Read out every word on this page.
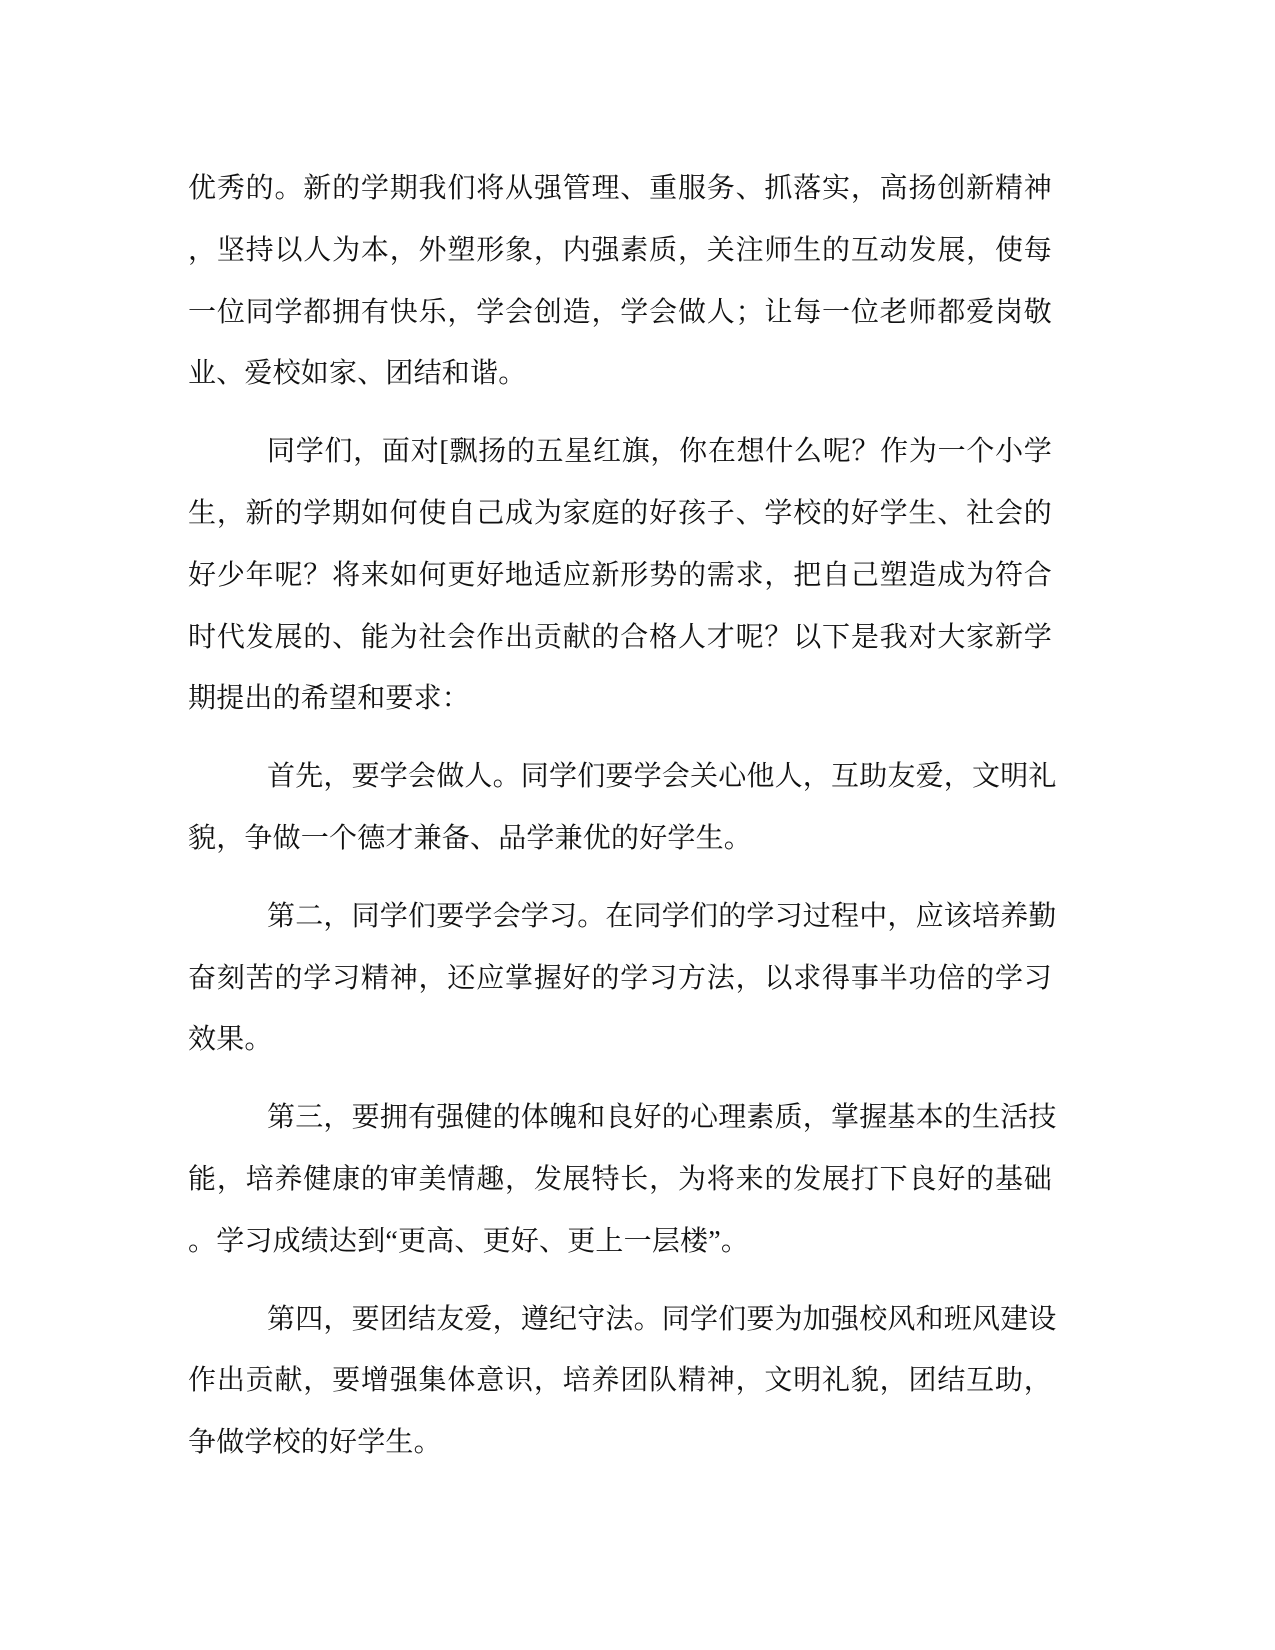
优秀的。新的学期我们将从强管理、重服务、抓落实，高扬创新精神
，坚持以人为本，外塑形象，内强素质，关注师生的互动发展，使每
一位同学都拥有快乐，学会创造，学会做人；让每一位老师都爱岗敬
业、爱校如家、团结和谐。

同学们，面对[飘扬的五星红旗，你在想什么呢？作为一个小学
生，新的学期如何使自己成为家庭的好孩子、学校的好学生、社会的
好少年呢？将来如何更好地适应新形势的需求，把自己塑造成为符合
时代发展的、能为社会作出贡献的合格人才呢？以下是我对大家新学
期提出的希望和要求：

首先，要学会做人。同学们要学会关心他人，互助友爱，文明礼
貌，争做一个德才兼备、品学兼优的好学生。

第二，同学们要学会学习。在同学们的学习过程中，应该培养勤
奋刻苦的学习精神，还应掌握好的学习方法，以求得事半功倍的学习
效果。

第三，要拥有强健的体魄和良好的心理素质，掌握基本的生活技
能，培养健康的审美情趣，发展特长，为将来的发展打下良好的基础
。学习成绩达到“更高、更好、更上一层楼”。

第四，要团结友爱，遵纪守法。同学们要为加强校风和班风建设
作出贡献，要增强集体意识，培养团队精神，文明礼貌，团结互助，
争做学校的好学生。
